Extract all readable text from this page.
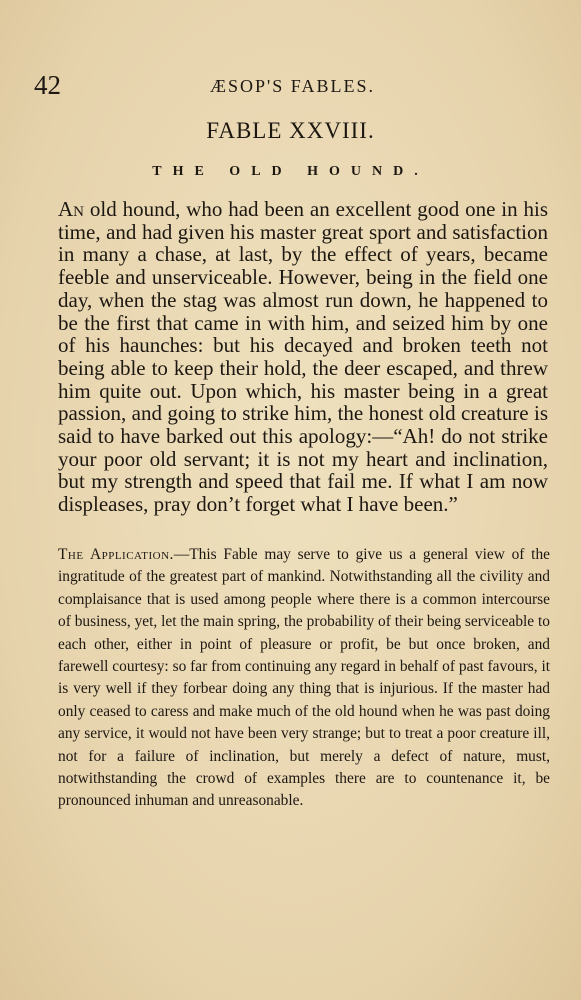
42	ÆSOP'S FABLES.
FABLE XXVIII.
THE OLD HOUND.

An old hound, who had been an excellent good one in his time, and had given his master great sport and satisfaction in many a chase, at last, by the effect of years, became feeble and unserviceable. However, being in the field one day, when the stag was almost run down, he happened to be the first that came in with him, and seized him by one of his haunches: but his decayed and broken teeth not being able to keep their hold, the deer escaped, and threw him quite out. Upon which, his master being in a great passion, and going to strike him, the honest old creature is said to have barked out this apology:—“Ah! do not strike your poor old servant; it is not my heart and inclination, but my strength and speed that fail me. If what I am now displeases, pray don’t forget what I have been.”

The Application.—This Fable may serve to give us a general view of the ingratitude of the greatest part of mankind. Notwithstanding all the civility and complaisance that is used among people where there is a common intercourse of business, yet, let the main spring, the probability of their being serviceable to each other, either in point of pleasure or profit, be but once broken, and farewell courtesy: so far from continuing any regard in behalf of past favours, it is very well if they forbear doing any thing that is injurious. If the master had only ceased to caress and make much of the old hound when he was past doing any service, it would not have been very strange; but to treat a poor creature ill, not for a failure of inclination, but merely a defect of nature, must, notwithstanding the crowd of examples there are to countenance it, be pronounced inhuman and unreasonable.
